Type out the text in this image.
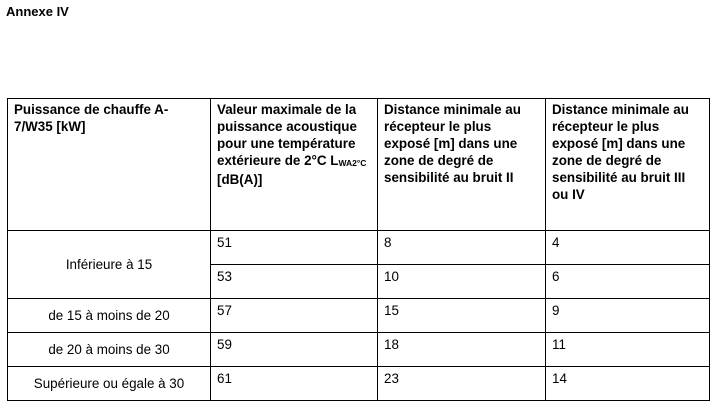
Annexe IV
Puissance de chauffe A-7/W35 [kW]	Valeur maximale de la puissance acoustique pour une température extérieure de 2°C LWA2°C [dB(A)]	Distance minimale au récepteur le plus exposé [m] dans une zone de degré de sensibilité au bruit II	Distance minimale au récepteur le plus exposé [m] dans une zone de degré de sensibilité au bruit III ou IV
Inférieure à 15	51	8	4
	53	10	6
de 15 à moins de 20	57	15	9
de 20 à moins de 30	59	18	11
Supérieure ou égale à 30	61	23	14
